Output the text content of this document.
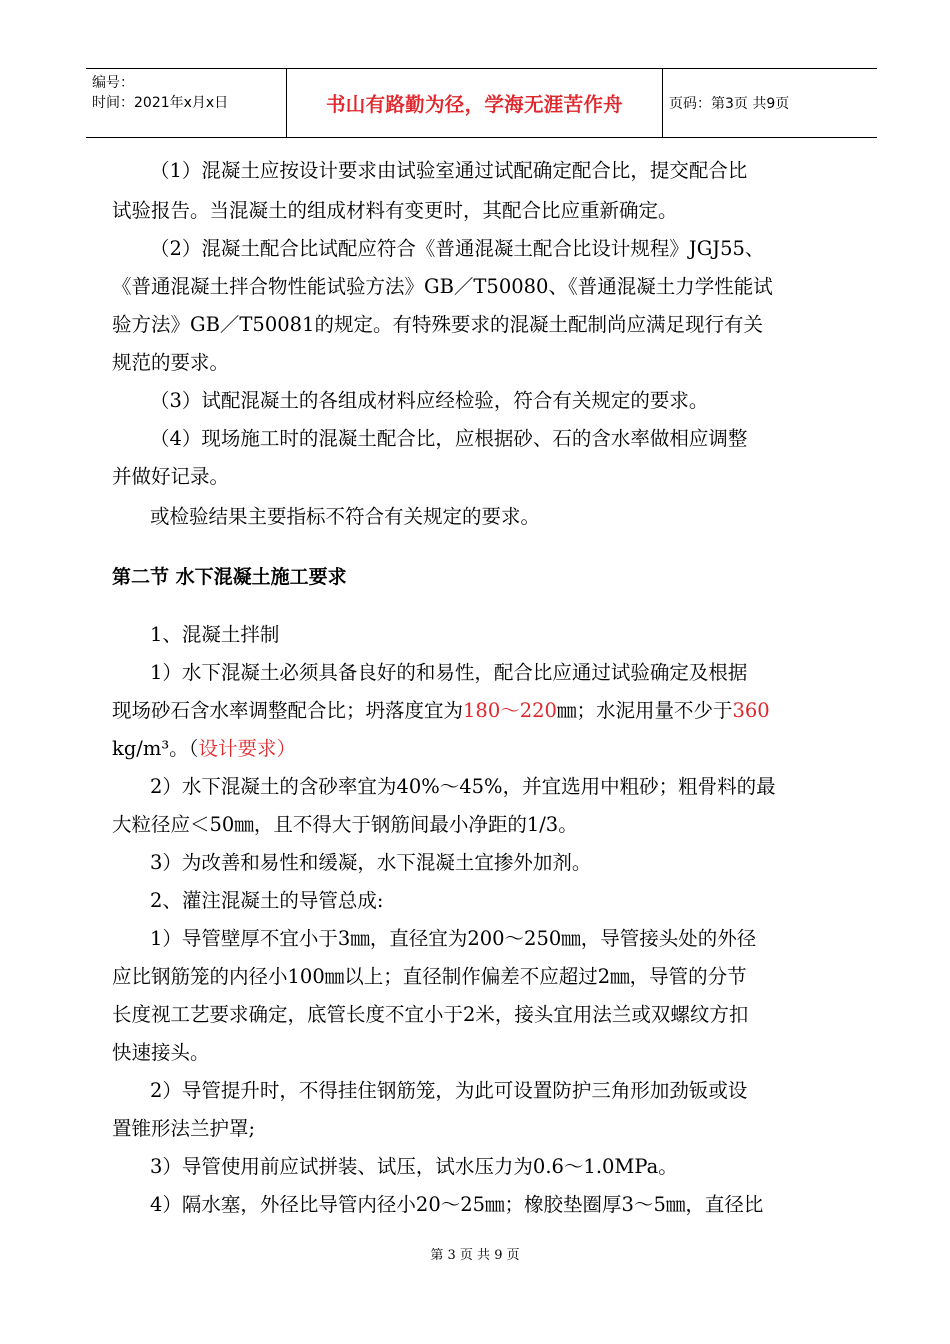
编号：
时间：2021年x月x日	书山有路勤为径，学海无涯苦作舟	页码：第3页 共9页
（1）混凝土应按设计要求由试验室通过试配确定配合比，提交配合比
试验报告。当混凝土的组成材料有变更时，其配合比应重新确定。
（2）混凝土配合比试配应符合《普通混凝土配合比设计规程》JGJ55、
《普通混凝土拌合物性能试验方法》GB／T50080、《普通混凝土力学性能试
验方法》GB／T50081的规定。有特殊要求的混凝土配制尚应满足现行有关
规范的要求。
（3）试配混凝土的各组成材料应经检验，符合有关规定的要求。
（4）现场施工时的混凝土配合比，应根据砂、石的含水率做相应调整
并做好记录。
或检验结果主要指标不符合有关规定的要求。
第二节 水下混凝土施工要求
1、混凝土拌制
1）水下混凝土必须具备良好的和易性，配合比应通过试验确定及根据
现场砂石含水率调整配合比；坍落度宜为180～220㎜；水泥用量不少于360
kg/m³。（设计要求）
2）水下混凝土的含砂率宜为40%～45%，并宜选用中粗砂；粗骨料的最
大粒径应＜50㎜，且不得大于钢筋间最小净距的1/3。
3）为改善和易性和缓凝，水下混凝土宜掺外加剂。
2、灌注混凝土的导管总成:
1）导管壁厚不宜小于3㎜，直径宜为200～250㎜，导管接头处的外径
应比钢筋笼的内径小100㎜以上；直径制作偏差不应超过2㎜，导管的分节
长度视工艺要求确定，底管长度不宜小于2米，接头宜用法兰或双螺纹方扣
快速接头。
2）导管提升时，不得挂住钢筋笼，为此可设置防护三角形加劲钣或设
置锥形法兰护罩;
3）导管使用前应试拼装、试压，试水压力为0.6～1.0MPa。
4）隔水塞，外径比导管内径小20～25㎜；橡胶垫圈厚3～5㎜，直径比
第 3 页 共 9 页
